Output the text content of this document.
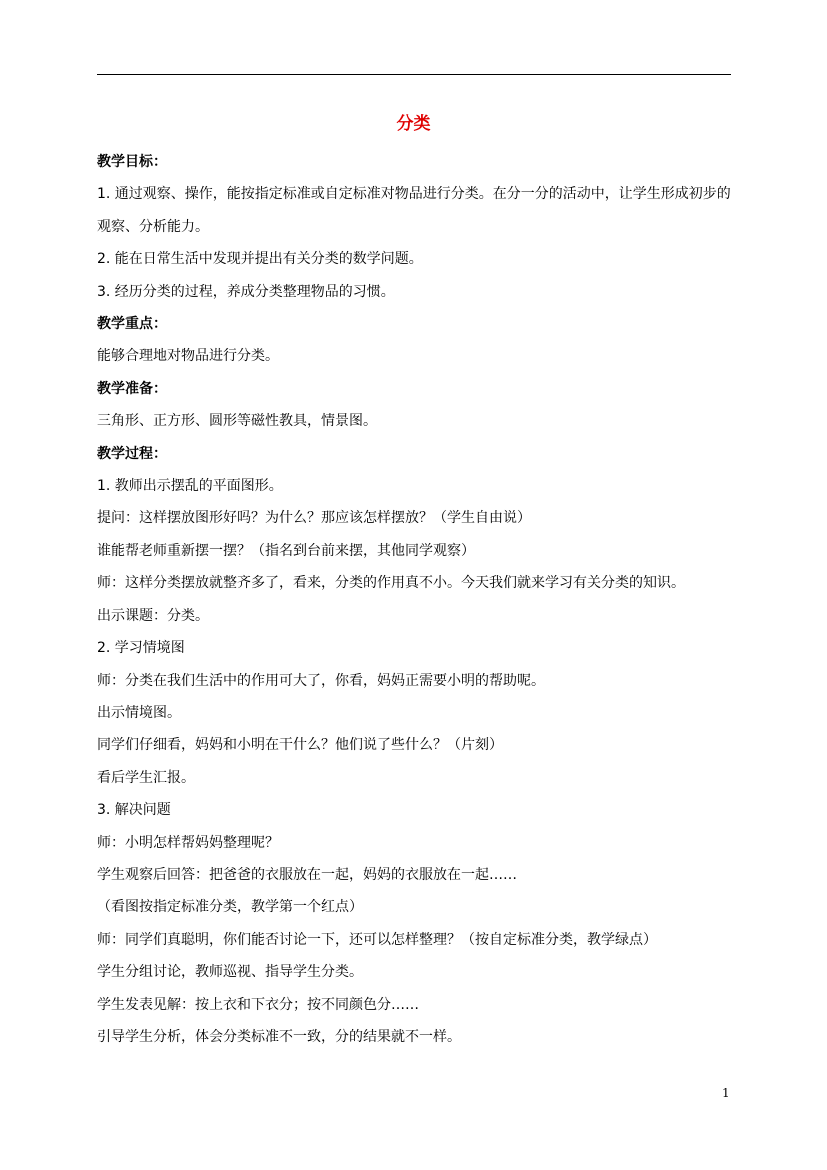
分类
教学目标：
1. 通过观察、操作，能按指定标准或自定标准对物品进行分类。在分一分的活动中，让学生形成初步的观察、分析能力。
2. 能在日常生活中发现并提出有关分类的数学问题。
3. 经历分类的过程，养成分类整理物品的习惯。
教学重点：
能够合理地对物品进行分类。
教学准备：
三角形、正方形、圆形等磁性教具，情景图。
教学过程：
1. 教师出示摆乱的平面图形。
提问：这样摆放图形好吗？为什么？那应该怎样摆放？（学生自由说）
谁能帮老师重新摆一摆？（指名到台前来摆，其他同学观察）
师：这样分类摆放就整齐多了，看来，分类的作用真不小。今天我们就来学习有关分类的知识。
出示课题：分类。
2. 学习情境图
师：分类在我们生活中的作用可大了，你看，妈妈正需要小明的帮助呢。
出示情境图。
同学们仔细看，妈妈和小明在干什么？他们说了些什么？（片刻）
看后学生汇报。
3. 解决问题
师：小明怎样帮妈妈整理呢？
学生观察后回答：把爸爸的衣服放在一起，妈妈的衣服放在一起……
（看图按指定标准分类，教学第一个红点）
师：同学们真聪明，你们能否讨论一下，还可以怎样整理？（按自定标准分类，教学绿点）
学生分组讨论，教师巡视、指导学生分类。
学生发表见解：按上衣和下衣分；按不同颜色分……
引导学生分析，体会分类标准不一致，分的结果就不一样。
1
